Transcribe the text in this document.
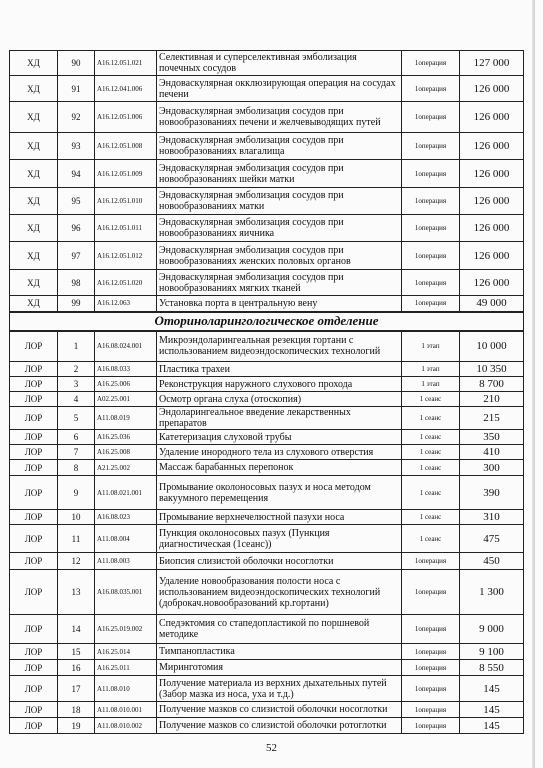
ХД	90	A16.12.051.021	Селективная и суперселективная эмболизация почечных сосудов	1операция	127 000
ХД	91	A16.12.041.006	Эндоваскулярная окклюзирующая операция на сосудах печени	1операция	126 000
ХД	92	A16.12.051.006	Эндоваскулярная эмболизация сосудов при новообразованиях печени и желчевыводящих путей	1операция	126 000
ХД	93	A16.12.051.008	Эндоваскулярная эмболизация сосудов при новообразованиях влагалища	1операция	126 000
ХД	94	A16.12.051.009	Эндоваскулярная эмболизация сосудов при новообразованиях шейки матки	1операция	126 000
ХД	95	A16.12.051.010	Эндоваскулярная эмболизация сосудов при новообразованиях матки	1операция	126 000
ХД	96	A16.12.051.011	Эндоваскулярная эмболизация сосудов при новообразованиях яичника	1операция	126 000
ХД	97	A16.12.051.012	Эндоваскулярная эмболизация сосудов при новообразованиях женских половых органов	1операция	126 000
ХД	98	A16.12.051.020	Эндоваскулярная эмболизация сосудов при новообразованиях мягких тканей	1операция	126 000
ХД	99	A16.12.063	Установка порта в центральную вену	1операция	49 000
Оториноларингологическое отделение					
ЛОР	1	A16.08.024.001	Микроэндоларингеальная резекция гортани с использованием видеоэндоскопических технологий	1 этап	10 000
ЛОР	2	A16.08.033	Пластика трахеи	1 этап	10 350
ЛОР	3	A16.25.006	Реконструкция наружного слухового прохода	1 этап	8 700
ЛОР	4	A02.25.001	Осмотр органа слуха (отоскопия)	1 сеанс	210
ЛОР	5	A11.08.019	Эндоларингеальное введение лекарственных препаратов	1 сеанс	215
ЛОР	6	A16.25.036	Катетеризация слуховой трубы	1 сеанс	350
ЛОР	7	A16.25.008	Удаление инородного тела из слухового отверстия	1 сеанс	410
ЛОР	8	A21.25.002	Массаж барабанных перепонок	1 сеанс	300
ЛОР	9	A11.08.021.001	Промывание околоносовых пазух и носа методом вакуумного перемещения	1 сеанс	390
ЛОР	10	A16.08.023	Промывание верхнечелюстной пазухи носа	1 сеанс	310
ЛОР	11	A11.08.004	Пункция околоносовых пазух (Пункция диагностическая (1сеанс))	1 сеанс	475
ЛОР	12	A11.08.003	Биопсия слизистой оболочки носоглотки	1операция	450
ЛОР	13	A16.08.035.001	Удаление новообразования полости носа с использованием видеоэндоскопических технологий (доброкач.новообразований кр.гортани)	1операция	1 300
ЛОР	14	A16.25.019.002	Спедэктомия со стапедопластикой по поршневой методике	1операция	9 000
ЛОР	15	A16.25.014	Тимпанопластика	1операция	9 100
ЛОР	16	A16.25.011	Миринготомия	1операция	8 550
ЛОР	17	A11.08.010	Получение материала из верхних дыхательных путей (Забор мазка из носа, уха и т.д.)	1операция	145
ЛОР	18	A11.08.010.001	Получение мазков со слизистой оболочки носоглотки	1операция	145
ЛОР	19	A11.08.010.002	Получение мазков со слизистой оболочки ротоглотки	1операция	145
52
